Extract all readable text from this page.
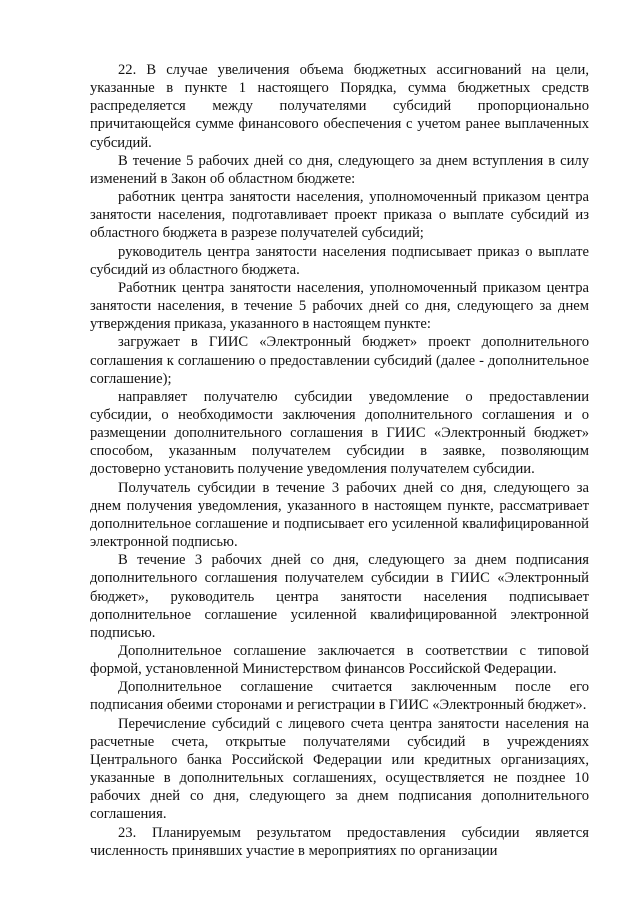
22. В случае увеличения объема бюджетных ассигнований на цели, указанные в пункте 1 настоящего Порядка, сумма бюджетных средств распределяется между получателями субсидий пропорционально причитающейся сумме финансового обеспечения с учетом ранее выплаченных субсидий.

В течение 5 рабочих дней со дня, следующего за днем вступления в силу изменений в Закон об областном бюджете:

работник центра занятости населения, уполномоченный приказом центра занятости населения, подготавливает проект приказа о выплате субсидий из областного бюджета в разрезе получателей субсидий;

руководитель центра занятости населения подписывает приказ о выплате субсидий из областного бюджета.

Работник центра занятости населения, уполномоченный приказом центра занятости населения, в течение 5 рабочих дней со дня, следующего за днем утверждения приказа, указанного в настоящем пункте:

загружает в ГИИС «Электронный бюджет» проект дополнительного соглашения к соглашению о предоставлении субсидий (далее - дополнительное соглашение);

направляет получателю субсидии уведомление о предоставлении субсидии, о необходимости заключения дополнительного соглашения и о размещении дополнительного соглашения в ГИИС «Электронный бюджет» способом, указанным получателем субсидии в заявке, позволяющим достоверно установить получение уведомления получателем субсидии.

Получатель субсидии в течение 3 рабочих дней со дня, следующего за днем получения уведомления, указанного в настоящем пункте, рассматривает дополнительное соглашение и подписывает его усиленной квалифицированной электронной подписью.

В течение 3 рабочих дней со дня, следующего за днем подписания дополнительного соглашения получателем субсидии в ГИИС «Электронный бюджет», руководитель центра занятости населения подписывает дополнительное соглашение усиленной квалифицированной электронной подписью.

Дополнительное соглашение заключается в соответствии с типовой формой, установленной Министерством финансов Российской Федерации.

Дополнительное соглашение считается заключенным после его подписания обеими сторонами и регистрации в ГИИС «Электронный бюджет».

Перечисление субсидий с лицевого счета центра занятости населения на расчетные счета, открытые получателями субсидий в учреждениях Центрального банка Российской Федерации или кредитных организациях, указанные в дополнительных соглашениях, осуществляется не позднее 10 рабочих дней со дня, следующего за днем подписания дополнительного соглашения.

23. Планируемым результатом предоставления субсидии является численность принявших участие в мероприятиях по организации
